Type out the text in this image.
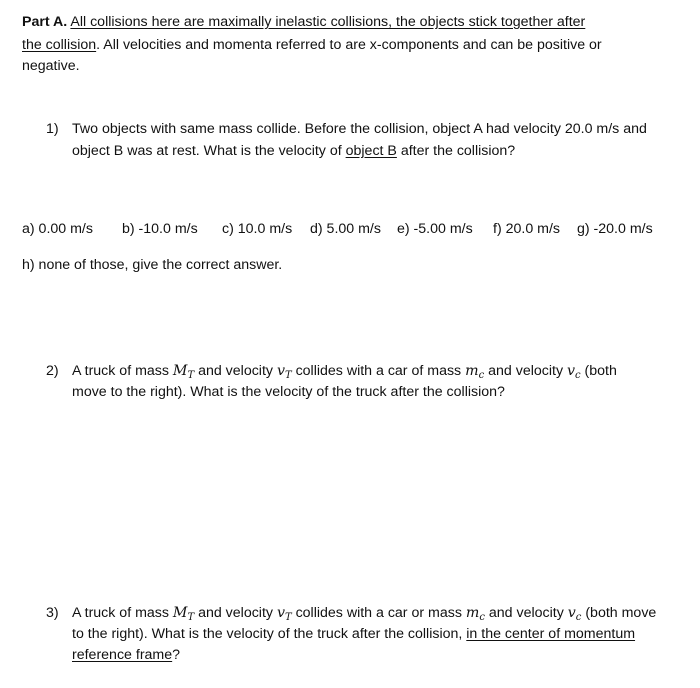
Part A. All collisions here are maximally inelastic collisions, the objects stick together after
the collision. All velocities and momenta referred to are x-components and can be positive or
negative.
1) Two objects with same mass collide. Before the collision, object A had velocity 20.0 m/s and
object B was at rest. What is the velocity of object B after the collision?
a) 0.00 m/s b) -10.0 m/s c) 10.0 m/s d) 5.00 m/s e) -5.00 m/s f) 20.0 m/s g) -20.0 m/s
h) none of those, give the correct answer.
2) A truck of mass $M_T$ and velocity $v_T$ collides with a car of mass $m_c$ and velocity $v_c$ (both
move to the right). What is the velocity of the truck after the collision?
3) A truck of mass $M_T$ and velocity $v_T$ collides with a car or mass $m_c$ and velocity $v_c$ (both move
to the right). What is the velocity of the truck after the collision, in the center of momentum
reference frame?
